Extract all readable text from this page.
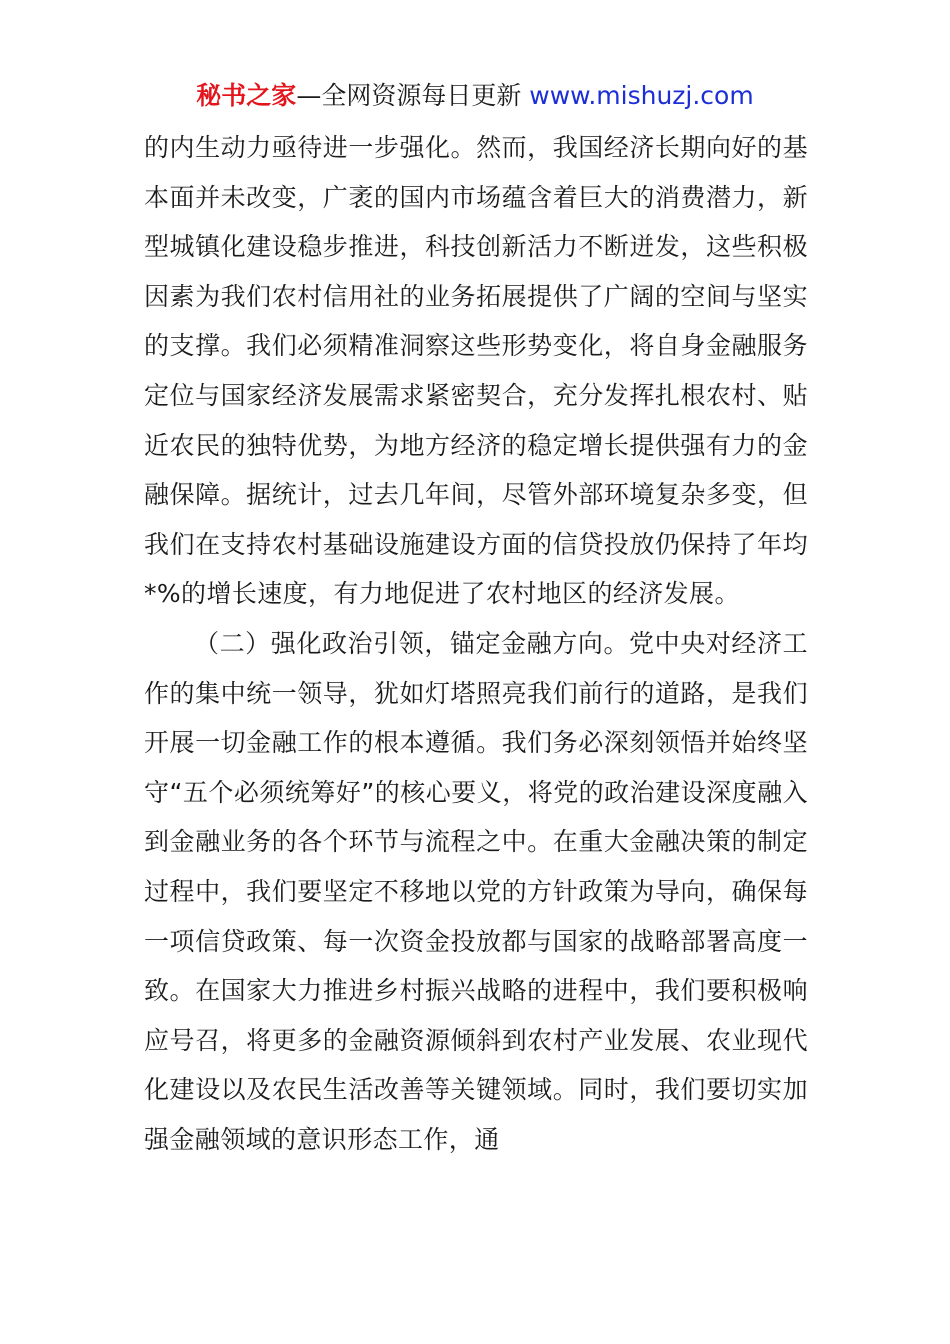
秘书之家—全网资源每日更新 www.mishuzj.com

的内生动力亟待进一步强化。然而，我国经济长期向好的基本面并未改变，广袤的国内市场蕴含着巨大的消费潜力，新型城镇化建设稳步推进，科技创新活力不断迸发，这些积极因素为我们农村信用社的业务拓展提供了广阔的空间与坚实的支撑。我们必须精准洞察这些形势变化，将自身金融服务定位与国家经济发展需求紧密契合，充分发挥扎根农村、贴近农民的独特优势，为地方经济的稳定增长提供强有力的金融保障。据统计，过去几年间，尽管外部环境复杂多变，但我们在支持农村基础设施建设方面的信贷投放仍保持了年均*%的增长速度，有力地促进了农村地区的经济发展。

（二）强化政治引领，锚定金融方向。党中央对经济工作的集中统一领导，犹如灯塔照亮我们前行的道路，是我们开展一切金融工作的根本遵循。我们务必深刻领悟并始终坚守“五个必须统筹好”的核心要义，将党的政治建设深度融入到金融业务的各个环节与流程之中。在重大金融决策的制定过程中，我们要坚定不移地以党的方针政策为导向，确保每一项信贷政策、每一次资金投放都与国家的战略部署高度一致。在国家大力推进乡村振兴战略的进程中，我们要积极响应号召，将更多的金融资源倾斜到农村产业发展、农业现代化建设以及农民生活改善等关键领域。同时，我们要切实加强金融领域的意识形态工作，通
